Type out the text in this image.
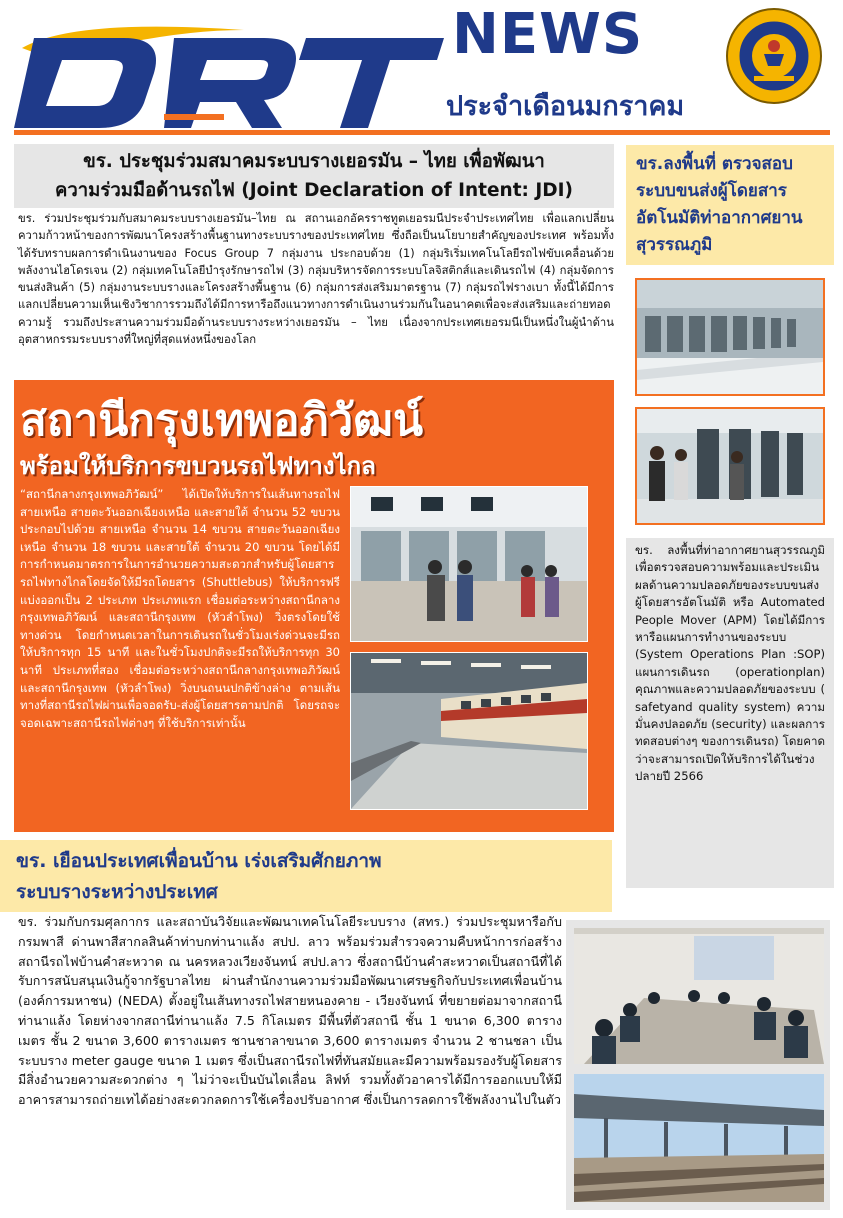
NEWS
ประจำเดือนมกราคม
ขร. ประชุมร่วมสมาคมระบบรางเยอรมัน – ไทย เพื่อพัฒนา
ความร่วมมือด้านรถไฟ (Joint Declaration of Intent: JDI)
ขร. ร่วมประชุมร่วมกับสมาคมระบบรางเยอรมัน–ไทย ณ สถานเอกอัครราชทูตเยอรมนีประจำประเทศไทย เพื่อแลกเปลี่ยนความก้าวหน้าของการพัฒนาโครงสร้างพื้นฐานทางระบบรางของประเทศไทย ซึ่งถือเป็นนโยบายสำคัญของประเทศ พร้อมทั้ง ได้รับทราบผลการดำเนินงานของ Focus Group 7 กลุ่มงาน ประกอบด้วย (1) กลุ่มริเริ่มเทคโนโลยีรถไฟขับเคลื่อนด้วยพลังงานไฮโดรเจน (2) กลุ่มเทคโนโลยีบำรุงรักษารถไฟ (3) กลุ่มบริหารจัดการระบบโลจิสติกส์และเดินรถไฟ (4) กลุ่มจัดการขนส่งสินค้า (5) กลุ่มงานระบบรางและโครงสร้างพื้นฐาน (6) กลุ่มการส่งเสริมมาตรฐาน (7) กลุ่มรถไฟรางเบา ทั้งนี้ได้มีการแลกเปลี่ยนความเห็นเชิงวิชาการรวมถึงได้มีการหารือถึงแนวทางการดำเนินงานร่วมกันในอนาคตเพื่อจะส่งเสริมและถ่ายทอดความรู้ รวมถึงประสานความร่วมมือด้านระบบรางระหว่างเยอรมัน – ไทย เนื่องจากประเทศเยอรมนีเป็นหนึ่งในผู้นำด้านอุตสาหกรรมระบบรางที่ใหญ่ที่สุดแห่งหนึ่งของโลก
ขร.ลงพื้นที่ ตรวจสอบระบบขนส่งผู้โดยสารอัตโนมัติท่าอากาศยานสุวรรณภูมิ
ขร. ลงพื้นที่ท่าอากาศยานสุวรรณภูมิ เพื่อตรวจสอบความพร้อมและประเมินผลด้านความปลอดภัยของระบบขนส่งผู้โดยสารอัตโนมัติ หรือ Automated People Mover (APM) โดยได้มีการหารือแผนการทำงานของระบบ (System Operations Plan :SOP) แผนการเดินรถ (operationplan) คุณภาพและความปลอดภัยของระบบ ( safetyand quality system) ความมั่นคงปลอดภัย (security) และผลการทดสอบต่างๆ ของการเดินรถ) โดยคาดว่าจะสามารถเปิดให้บริการได้ในช่วงปลายปี 2566
สถานีกรุงเทพอภิวัฒน์
พร้อมให้บริการขบวนรถไฟทางไกล
“สถานีกลางกรุงเทพอภิวัฒน์” ได้เปิดให้บริการในเส้นทางรถไฟสายเหนือ สายตะวันออกเฉียงเหนือ และสายใต้ จำนวน 52 ขบวน ประกอบไปด้วย สายเหนือ จำนวน 14 ขบวน สายตะวันออกเฉียงเหนือ จำนวน 18 ขบวน และสายใต้ จำนวน 20 ขบวน โดยได้มีการกำหนดมาตรการในการอำนวยความสะดวกสำหรับผู้โดยสารรถไฟทางไกลโดยจัดให้มีรถโดยสาร (Shuttlebus) ให้บริการฟรี แบ่งออกเป็น 2 ประเภท ประเภทแรก เชื่อมต่อระหว่างสถานีกลางกรุงเทพอภิวัฒน์ และสถานีกรุงเทพ (หัวลำโพง) วิ่งตรงโดยใช้ทางด่วน โดยกำหนดเวลาในการเดินรถในชั่วโมงเร่งด่วนจะมีรถให้บริการทุก 15 นาที และในชั่วโมงปกติจะมีรถให้บริการทุก 30 นาที ประเภทที่สอง เชื่อมต่อระหว่างสถานีกลางกรุงเทพอภิวัฒน์ และสถานีกรุงเทพ (หัวลำโพง) วิ่งบนถนนปกติข้างล่าง ตามเส้นทางที่สถานีรถไฟผ่านเพื่อจอดรับ-ส่งผู้โดยสารตามปกติ โดยรถจะจอดเฉพาะสถานีรถไฟต่างๆ ที่ใช้บริการเท่านั้น
ขร. เยือนประเทศเพื่อนบ้าน เร่งเสริมศักยภาพ
ระบบรางระหว่างประเทศ
ขร. ร่วมกับกรมศุลกากร และสถาบันวิจัยและพัฒนาเทคโนโลยีระบบราง (สทร.) ร่วมประชุมหารือกับกรมพาสี ด่านพาสีสากลสินค้าท่าบกท่านาแล้ง สปป. ลาว พร้อมร่วมสำรวจความคืบหน้าการก่อสร้างสถานีรถไฟบ้านคำสะหวาด ณ นครหลวงเวียงจันทน์ สปป.ลาว ซึ่งสถานีบ้านคำสะหวาดเป็นสถานีที่ได้รับการสนับสนุนเงินกู้จากรัฐบาลไทย ผ่านสำนักงานความร่วมมือพัฒนาเศรษฐกิจกับประเทศเพื่อนบ้าน (องค์การมหาชน) (NEDA) ตั้งอยู่ในเส้นทางรถไฟสายหนองคาย - เวียงจันทน์ ที่ขยายต่อมาจากสถานีท่านาแล้ง โดยห่างจากสถานีท่านาแล้ง 7.5 กิโลเมตร มีพื้นที่ตัวสถานี ชั้น 1 ขนาด 6,300 ตารางเมตร ชั้น 2 ขนาด 3,600 ตารางเมตร ชานชาลาขนาด 3,600 ตารางเมตร จำนวน 2 ชานชลา เป็นระบบราง meter gauge ขนาด 1 เมตร ซึ่งเป็นสถานีรถไฟที่ทันสมัยและมีความพร้อมรองรับผู้โดยสาร มีสิ่งอำนวยความสะดวกต่าง ๆ ไม่ว่าจะเป็นบันไดเลื่อน ลิฟท์ รวมทั้งตัวอาคารได้มีการออกแบบให้มีอาคารสามารถถ่ายเทได้อย่างสะดวกลดการใช้เครื่องปรับอากาศ ซึ่งเป็นการลดการใช้พลังงานไปในตัว
